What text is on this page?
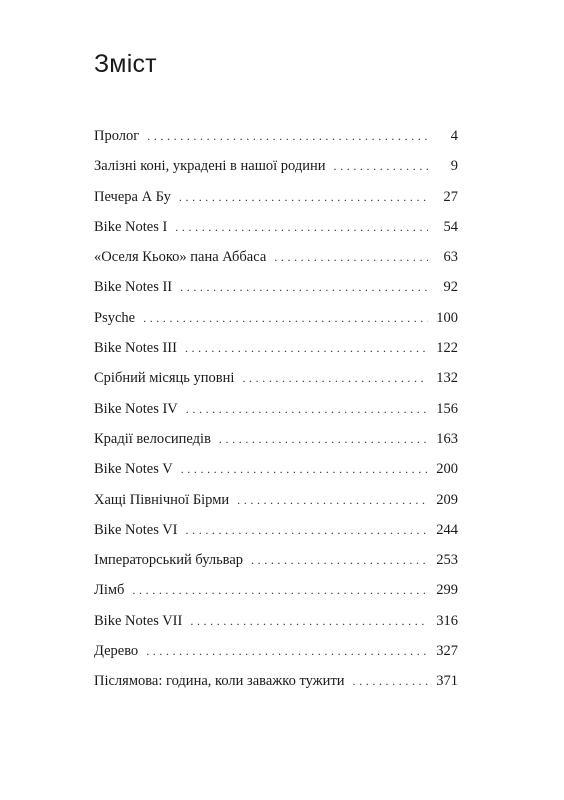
Зміст
Пролог . . .	4
Залізні коні, украдені в нашої родини . . .	9
Печера А Бу . . .	27
Bike Notes I . . .	54
«Оселя Кьоко» пана Аббаса . . .	63
Bike Notes II . . .	92
Psyche . . .	100
Bike Notes III . . .	122
Срібний місяць уповні . . .	132
Bike Notes IV . . .	156
Крадії велосипедів . . .	163
Bike Notes V . . .	200
Хащі Північної Бірми . . .	209
Bike Notes VI . . .	244
Імператорський бульвар . . .	253
Лімб . . .	299
Bike Notes VII . . .	316
Дерево . . .	327
Післямова: година, коли заважко тужити . . .	371
